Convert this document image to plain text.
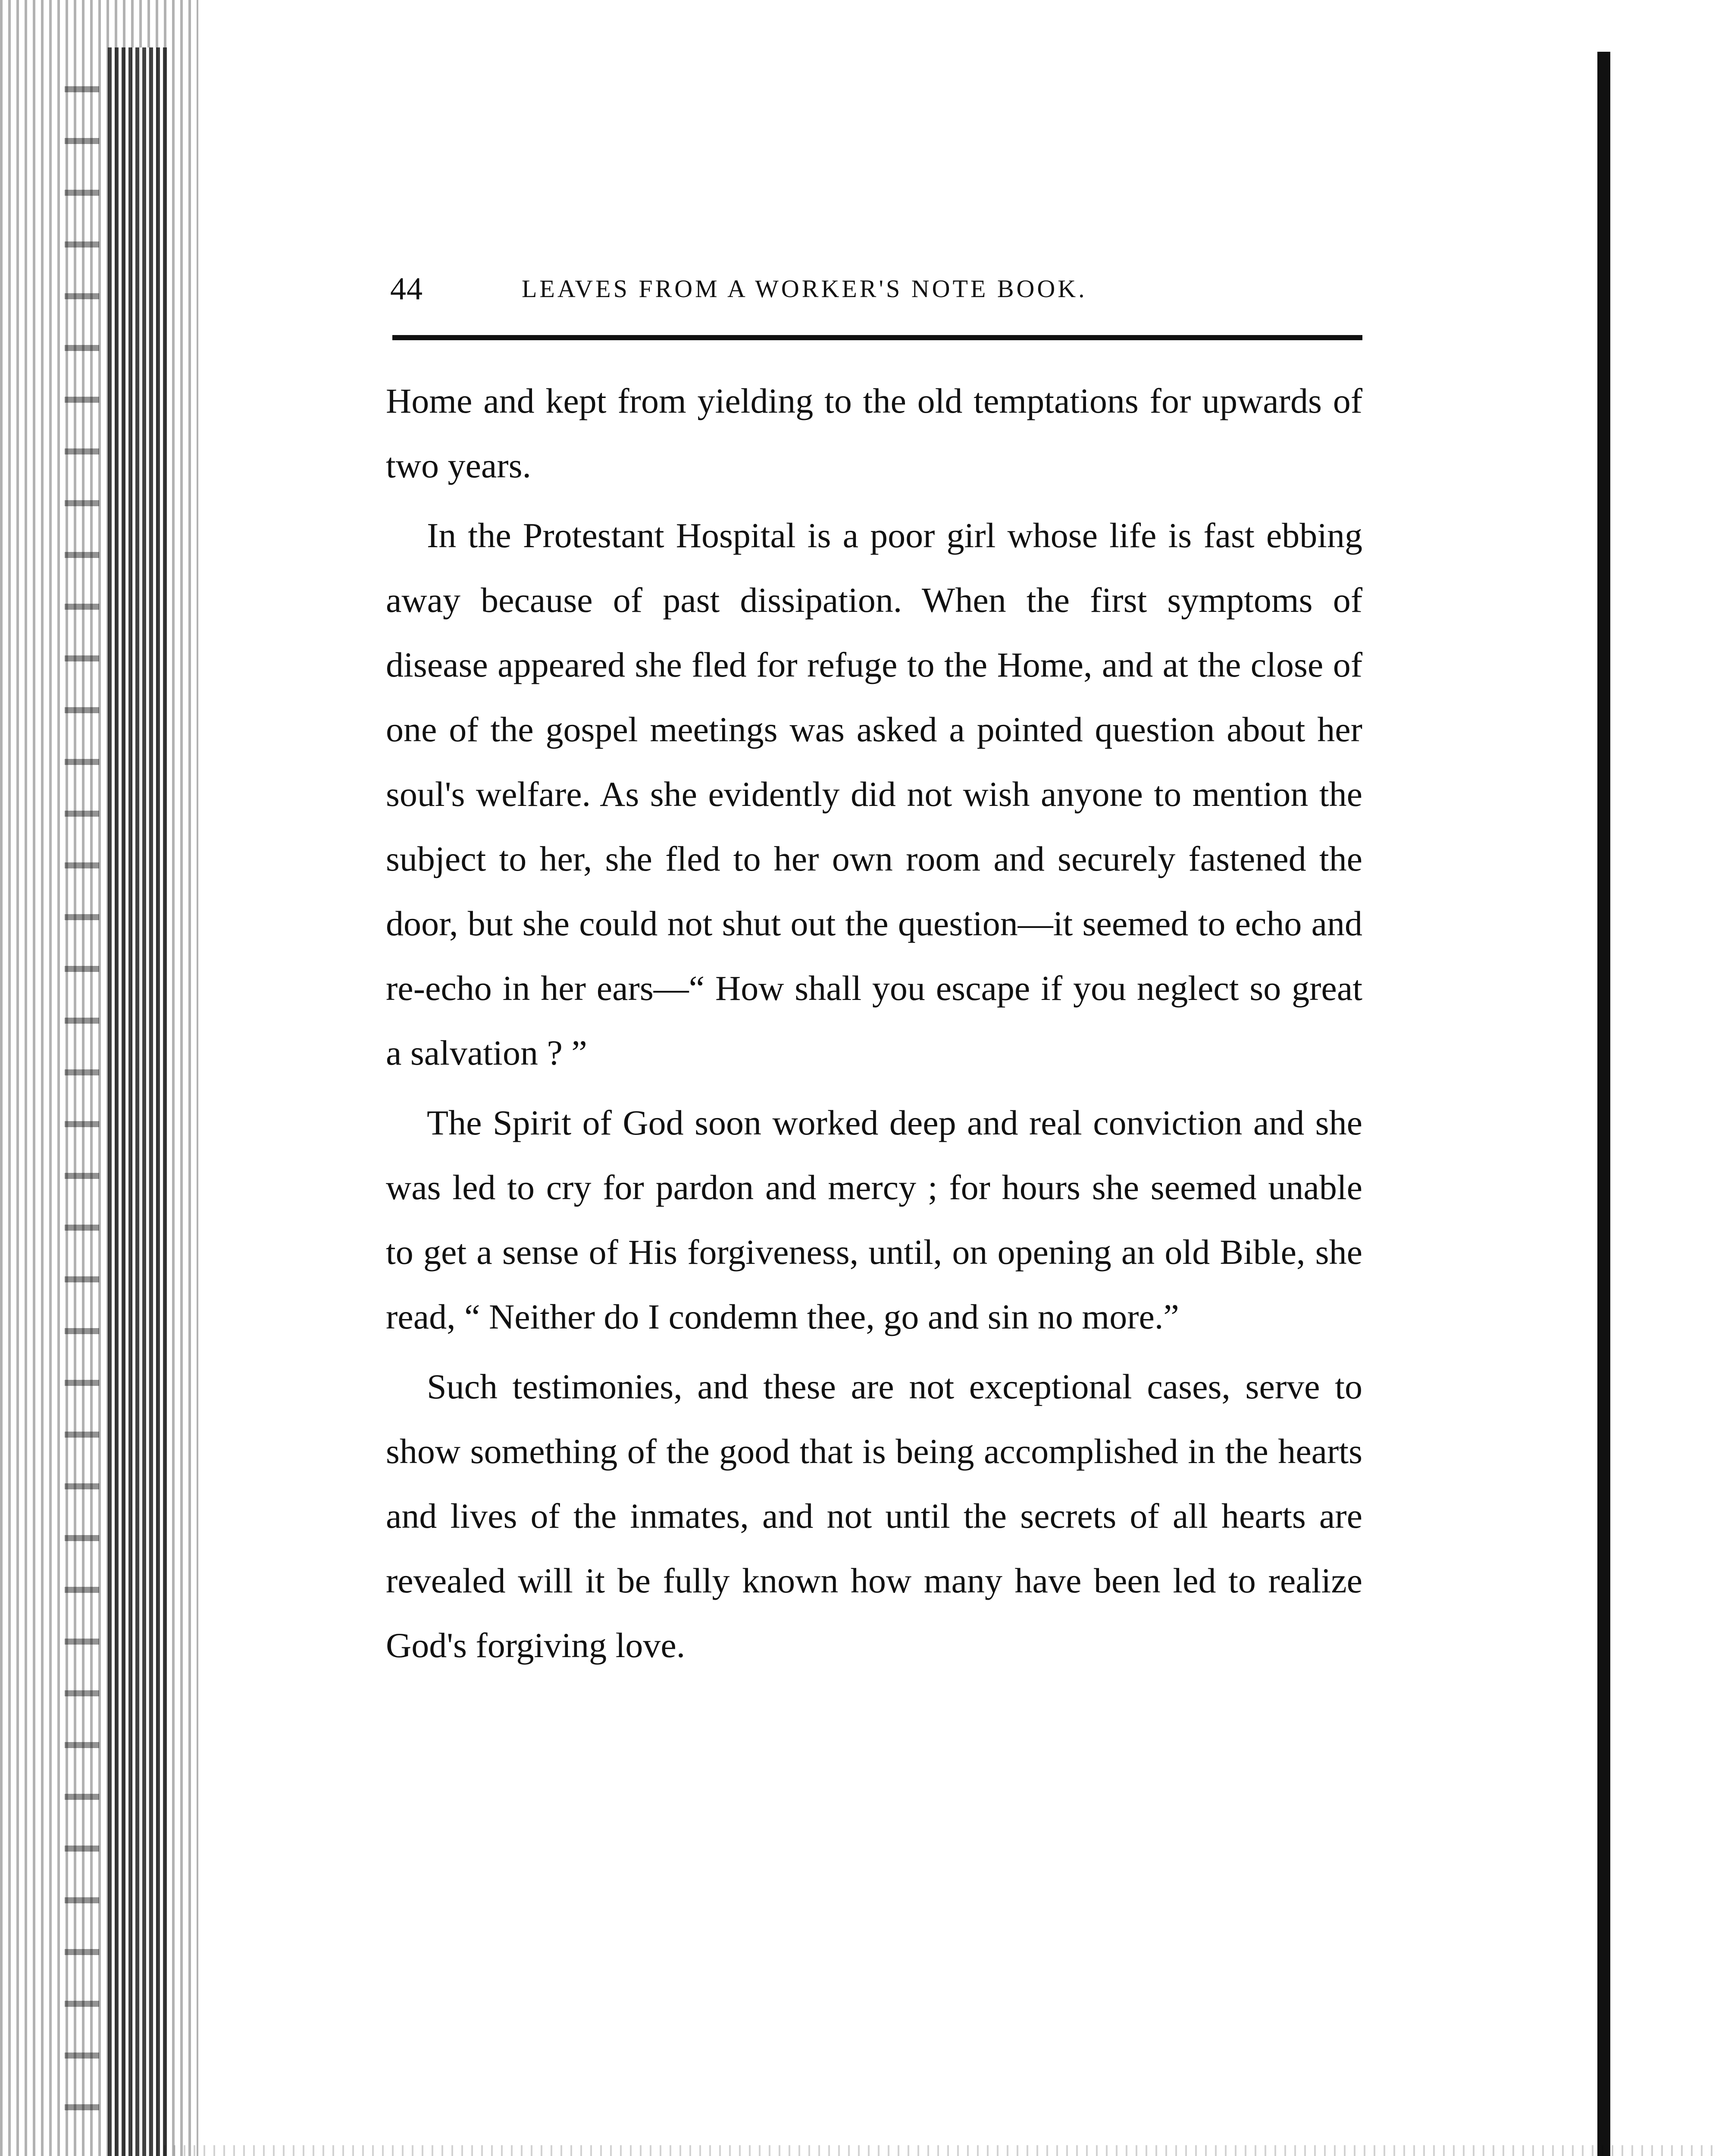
44	LEAVES FROM A WORKER'S NOTE BOOK.

Home and kept from yielding to the old temptations for upwards of two years.

In the Protestant Hospital is a poor girl whose life is fast ebbing away because of past dissipation. When the first symptoms of disease appeared she fled for refuge to the Home, and at the close of one of the gospel meetings was asked a pointed question about her soul's welfare. As she evidently did not wish anyone to mention the subject to her, she fled to her own room and securely fastened the door, but she could not shut out the question—it seemed to echo and re-echo in her ears—“ How shall you escape if you neglect so great a salvation ? ”

The Spirit of God soon worked deep and real conviction and she was led to cry for pardon and mercy ; for hours she seemed unable to get a sense of His forgiveness, until, on opening an old Bible, she read, “ Neither do I condemn thee, go and sin no more.”

Such testimonies, and these are not exceptional cases, serve to show something of the good that is being accomplished in the hearts and lives of the inmates, and not until the secrets of all hearts are revealed will it be fully known how many have been led to realize God's forgiving love.
